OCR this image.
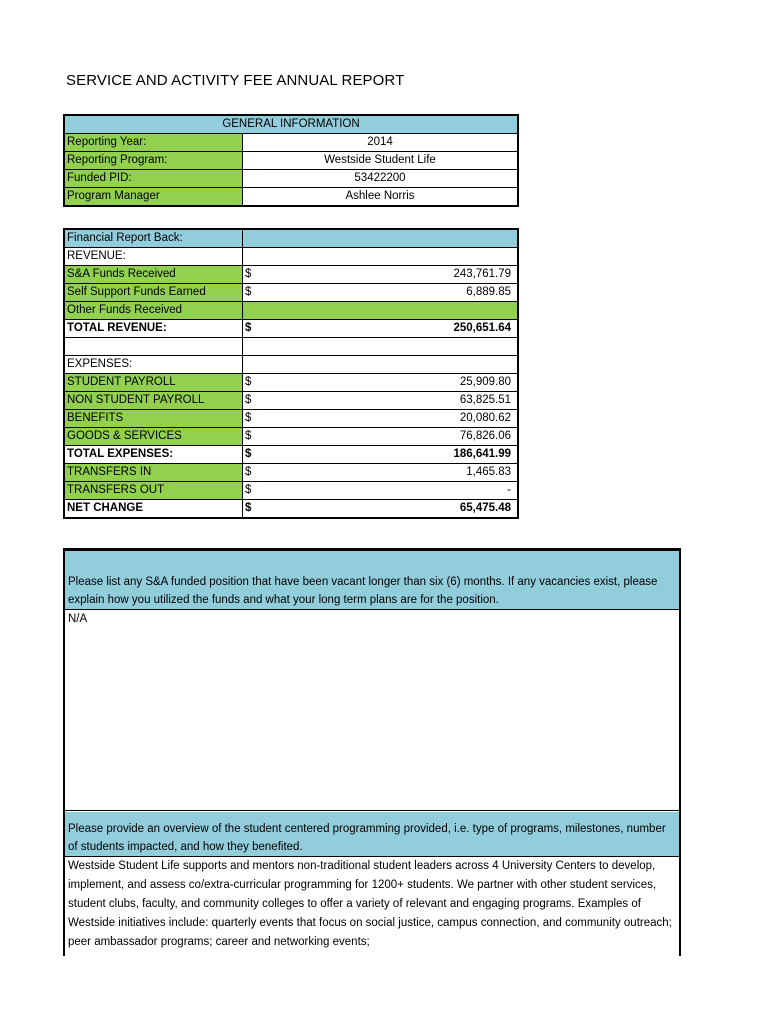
SERVICE AND ACTIVITY FEE ANNUAL REPORT
GENERAL INFORMATION	
Reporting Year:	2014
Reporting Program:	Westside Student Life
Funded PID:	53422200
Program Manager	Ashlee Norris
Financial Report Back:	
REVENUE:	
S&A Funds Received	$ 243,761.79

Self Support Funds Earned	$ 6,889.85

Other Funds Received	

TOTAL REVENUE:	$ 250,651.64

EXPENSES:	
STUDENT PAYROLL	$ 25,909.80

NON STUDENT PAYROLL	$ 63,825.51

BENEFITS	$ 20,080.62

GOODS & SERVICES	$ 76,826.06

TOTAL EXPENSES:	$ 186,641.99

TRANSFERS IN	$ 1,465.83

TRANSFERS OUT	$ -

NET CHANGE	$ 65,475.48
Please list any S&A funded position that have been vacant longer than six (6) months. If any vacancies exist, please explain how you utilized the funds and what your long term plans are for the position.
N/A
Please provide an overview of the student centered programming provided, i.e. type of programs, milestones, number of students impacted, and how they benefited.
Westside Student Life supports and mentors non-traditional student leaders across 4 University Centers to develop, implement, and assess co/extra-curricular programming for 1200+ students. We partner with other student services, student clubs, faculty, and community colleges to offer a variety of relevant and engaging programs. Examples of Westside initiatives include: quarterly events that focus on social justice, campus connection, and community outreach; peer ambassador programs; career and networking events;
